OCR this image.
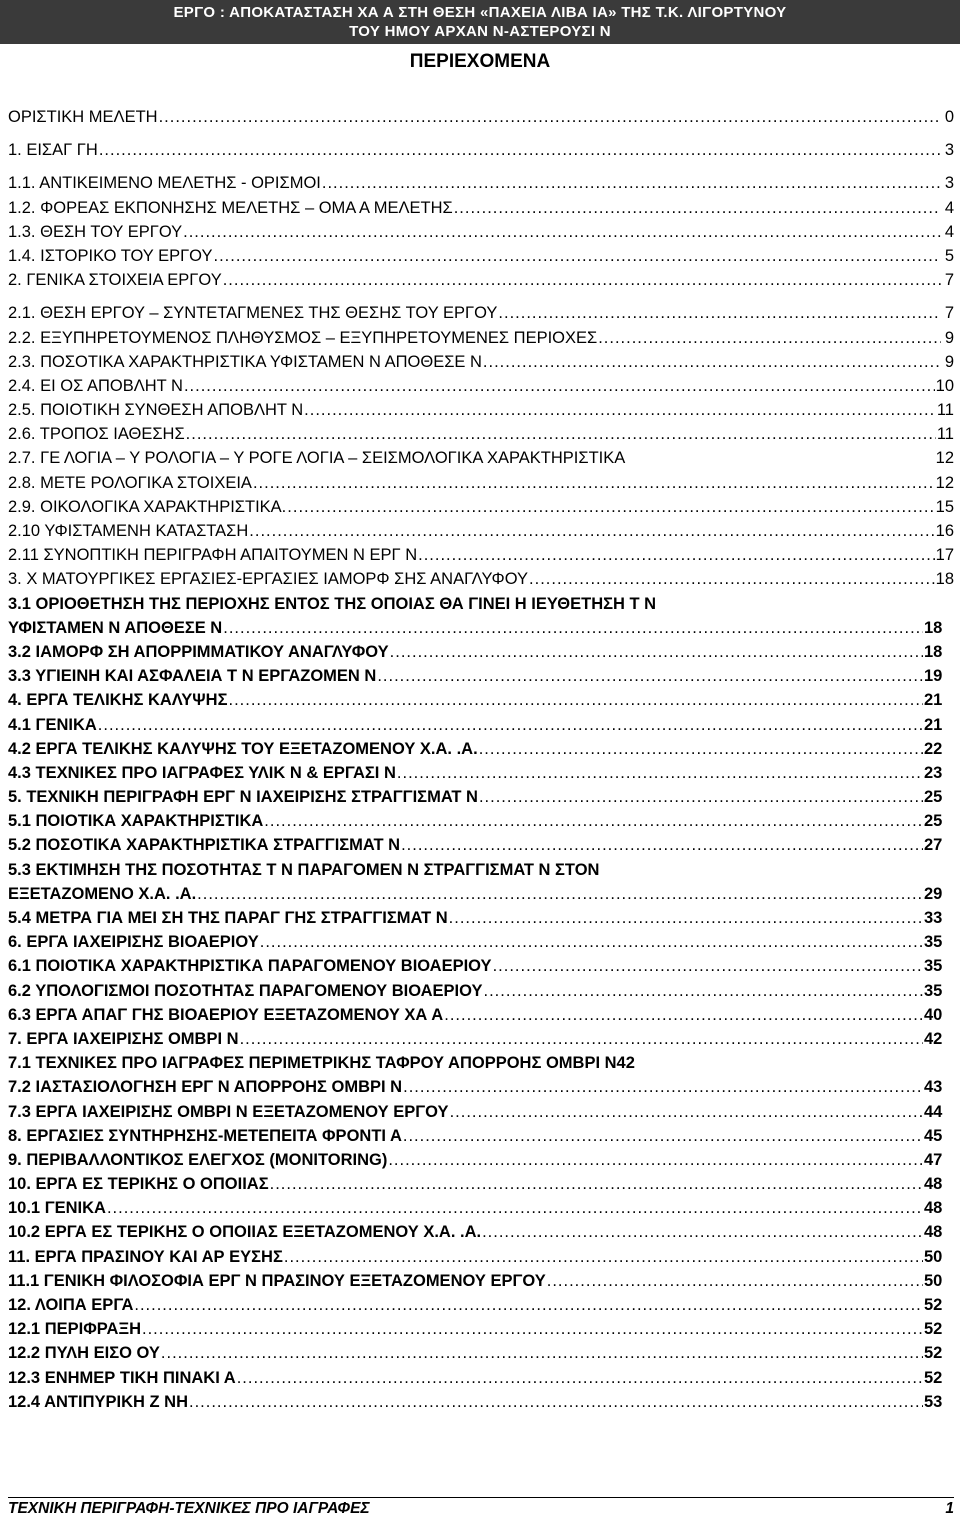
ΕΡΓΟ : ΑΠΟΚΑΤΑΣΤΑΣΗ ΧΑ Α ΣΤΗ ΘΕΣΗ «ΠΑΧΕΙΑ ΛΙΒΑ ΙΑ» ΤΗΣ Τ.Κ. ΛΙΓΟΡΤΥΝΟΥ
ΤΟΥ ΗΜΟΥ ΑΡΧΑΝ Ν-ΑΣΤΕΡΟΥΣΙ Ν
ΠΕΡΙΕΧΟΜΕΝΑ
ΟΡΙΣΤΙΚΗ ΜΕΛΕΤΗ .....	0
1. ΕΙΣΑΓ ΓΗ .....	3
1.1. ΑΝΤΙΚΕΙΜΕΝΟ ΜΕΛΕΤΗΣ - ΟΡΙΣΜΟΙ .....	3
1.2. ΦΟΡΕΑΣ ΕΚΠΟΝΗΣΗΣ ΜΕΛΕΤΗΣ – ΟΜΑ Α ΜΕΛΕΤΗΣ .....	4
1.3. ΘΕΣΗ ΤΟΥ ΕΡΓΟΥ .....	4
1.4. ΙΣΤΟΡΙΚΟ ΤΟΥ ΕΡΓΟΥ .....	5
2. ΓΕΝΙΚΑ ΣΤΟΙΧΕΙΑ ΕΡΓΟΥ .....	7
2.1. ΘΕΣΗ ΕΡΓΟΥ – ΣΥΝΤΕΤΑΓΜΕΝΕΣ ΤΗΣ ΘΕΣΗΣ ΤΟΥ ΕΡΓΟΥ .....	7
2.2. ΕΞΥΠΗΡΕΤΟΥΜΕΝΟΣ ΠΛΗΘΥΣΜΟΣ – ΕΞΥΠΗΡΕΤΟΥΜΕΝΕΣ ΠΕΡΙΟΧΕΣ .....	9
2.3. ΠΟΣΟΤΙΚΑ ΧΑΡΑΚΤΗΡΙΣΤΙΚΑ ΥΦΙΣΤΑΜΕΝ Ν ΑΠΟΘΕΣΕ Ν .....	9
2.4. ΕΙ ΟΣ ΑΠΟΒΛΗΤ Ν .....	10
2.5. ΠΟΙΟΤΙΚΗ ΣΥΝΘΕΣΗ ΑΠΟΒΛΗΤ Ν .....	11
2.6. ΤΡΟΠΟΣ ΙΑΘΕΣΗΣ .....	11
2.7. ΓΕ ΛΟΓΙΑ – Υ ΡΟΛΟΓΙΑ – Υ ΡΟΓΕ ΛΟΓΙΑ – ΣΕΙΣΜΟΛΟΓΙΚΑ ΧΑΡΑΚΤΗΡΙΣΤΙΚΑ	12
2.8. ΜΕΤΕ ΡΟΛΟΓΙΚΑ ΣΤΟΙΧΕΙΑ .....	12
2.9. ΟΙΚΟΛΟΓΙΚΑ ΧΑΡΑΚΤΗΡΙΣΤΙΚΑ. .....	15
2.10 ΥΦΙΣΤΑΜΕΝΗ ΚΑΤΑΣΤΑΣΗ .....	16
2.11 ΣΥΝΟΠΤΙΚΗ ΠΕΡΙΓΡΑΦΗ ΑΠΑΙΤΟΥΜΕΝ Ν ΕΡΓ Ν .....	17
3. Χ ΜΑΤΟΥΡΓΙΚΕΣ ΕΡΓΑΣΙΕΣ-ΕΡΓΑΣΙΕΣ ΙΑΜΟΡΦ ΣΗΣ ΑΝΑΓΛΥΦΟΥ .....	18
3.1 ΟΡΙΟΘΕΤΗΣΗ ΤΗΣ ΠΕΡΙΟΧΗΣ ΕΝΤΟΣ ΤΗΣ ΟΠΟΙΑΣ ΘΑ ΓΙΝΕΙ Η ΙΕΥΘΕΤΗΣΗ Τ Ν
ΥΦΙΣΤΑΜΕΝ Ν ΑΠΟΘΕΣΕ Ν .....	18
3.2 ΙΑΜΟΡΦ ΣΗ ΑΠΟΡΡΙΜΜΑΤΙΚΟΥ ΑΝΑΓΛΥΦΟΥ .....	18
3.3 ΥΓΙΕΙΝΗ ΚΑΙ ΑΣΦΑΛΕΙΑ Τ Ν ΕΡΓΑΖΟΜΕΝ Ν .....	19
4. ΕΡΓΑ ΤΕΛΙΚΗΣ ΚΑΛΥΨΗΣ .....	21
4.1 ΓΕΝΙΚΑ .....	21
4.2 ΕΡΓΑ ΤΕΛΙΚΗΣ ΚΑΛΥΨΗΣ ΤΟΥ ΕΞΕΤΑΖΟΜΕΝΟΥ Χ.Α. .Α. .....	22
4.3 ΤΕΧΝΙΚΕΣ ΠΡΟ ΙΑΓΡΑΦΕΣ ΥΛΙΚ Ν & ΕΡΓΑΣΙ Ν .....	23
5. ΤΕΧΝΙΚΗ ΠΕΡΙΓΡΑΦΗ ΕΡΓ Ν ΙΑΧΕΙΡΙΣΗΣ ΣΤΡΑΓΓΙΣΜΑΤ Ν .....	25
5.1 ΠΟΙΟΤΙΚΑ ΧΑΡΑΚΤΗΡΙΣΤΙΚΑ .....	25
5.2 ΠΟΣΟΤΙΚΑ ΧΑΡΑΚΤΗΡΙΣΤΙΚΑ ΣΤΡΑΓΓΙΣΜΑΤ Ν .....	27
5.3 ΕΚΤΙΜΗΣΗ ΤΗΣ ΠΟΣΟΤΗΤΑΣ Τ Ν ΠΑΡΑΓΟΜΕΝ Ν ΣΤΡΑΓΓΙΣΜΑΤ Ν ΣΤΟΝ
ΕΞΕΤΑΖΟΜΕΝΟ Χ.Α. .Α. .....	29
5.4 ΜΕΤΡΑ ΓΙΑ ΜΕΙ ΣΗ ΤΗΣ ΠΑΡΑΓ ΓΗΣ ΣΤΡΑΓΓΙΣΜΑΤ Ν .....	33
6. ΕΡΓΑ ΙΑΧΕΙΡΙΣΗΣ ΒΙΟΑΕΡΙΟΥ .....	35
6.1 ΠΟΙΟΤΙΚΑ ΧΑΡΑΚΤΗΡΙΣΤΙΚΑ ΠΑΡΑΓΟΜΕΝΟΥ ΒΙΟΑΕΡΙΟΥ .....	35
6.2 ΥΠΟΛΟΓΙΣΜΟΙ ΠΟΣΟΤΗΤΑΣ ΠΑΡΑΓΟΜΕΝΟΥ ΒΙΟΑΕΡΙΟΥ .....	35
6.3 ΕΡΓΑ ΑΠΑΓ ΓΗΣ ΒΙΟΑΕΡΙΟΥ ΕΞΕΤΑΖΟΜΕΝΟΥ ΧΑ Α .....	40
7. ΕΡΓΑ ΙΑΧΕΙΡΙΣΗΣ ΟΜΒΡΙ Ν .....	42
7.1 ΤΕΧΝΙΚΕΣ ΠΡΟ ΙΑΓΡΑΦΕΣ ΠΕΡΙΜΕΤΡΙΚΗΣ ΤΑΦΡΟΥ ΑΠΟΡΡΟΗΣ ΟΜΒΡΙ Ν42
7.2 ΙΑΣΤΑΣΙΟΛΟΓΗΣΗ ΕΡΓ Ν ΑΠΟΡΡΟΗΣ ΟΜΒΡΙ Ν .....	43
7.3 ΕΡΓΑ ΙΑΧΕΙΡΙΣΗΣ ΟΜΒΡΙ Ν ΕΞΕΤΑΖΟΜΕΝΟΥ ΕΡΓΟΥ .....	44
8. ΕΡΓΑΣΙΕΣ ΣΥΝΤΗΡΗΣΗΣ-ΜΕΤΕΠΕΙΤΑ ΦΡΟΝΤΙ Α .....	45
9. ΠΕΡΙΒΑΛΛΟΝΤΙΚΟΣ ΕΛΕΓΧΟΣ (MONITORING) .....	47
10. ΕΡΓΑ ΕΣ ΤΕΡΙΚΗΣ Ο ΟΠΟΙΙΑΣ .....	48
10.1 ΓΕΝΙΚΑ .....	48
10.2 ΕΡΓΑ ΕΣ ΤΕΡΙΚΗΣ Ο ΟΠΟΙΙΑΣ ΕΞΕΤΑΖΟΜΕΝΟΥ Χ.Α. .Α. .....	48
11. ΕΡΓΑ ΠΡΑΣΙΝΟΥ ΚΑΙ ΑΡ ΕΥΣΗΣ .....	50
11.1 ΓΕΝΙΚΗ ΦΙΛΟΣΟΦΙΑ ΕΡΓ Ν ΠΡΑΣΙΝΟΥ ΕΞΕΤΑΖΟΜΕΝΟΥ ΕΡΓΟΥ .....	50
12. ΛΟΙΠΑ ΕΡΓΑ .....	52
12.1 ΠΕΡΙΦΡΑΞΗ .....	52
12.2 ΠΥΛΗ ΕΙΣΟ ΟΥ .....	52
12.3 ΕΝΗΜΕΡ ΤΙΚΗ ΠΙΝΑΚΙ Α .....	52
12.4 ΑΝΤΙΠΥΡΙΚΗ Ζ ΝΗ .....	53
ΤΕΧΝΙΚΗ ΠΕΡΙΓΡΑΦΗ-ΤΕΧΝΙΚΕΣ ΠΡΟ ΙΑΓΡΑΦΕΣ	1
